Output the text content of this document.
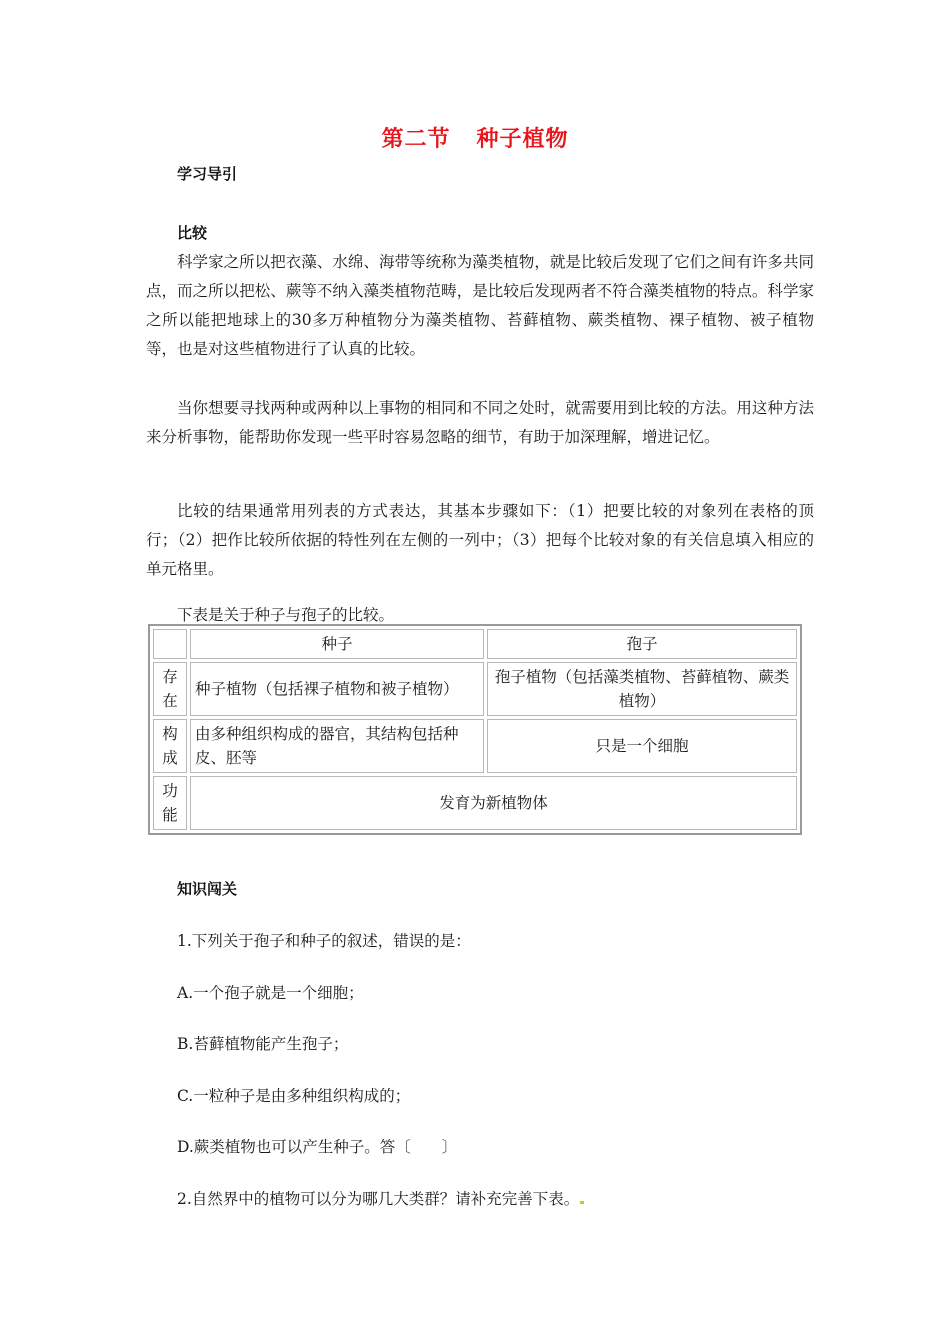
第二节 种子植物
学习导引
比较
科学家之所以把衣藻、水绵、海带等统称为藻类植物，就是比较后发现了它们之间有许多共同点，而之所以把松、蕨等不纳入藻类植物范畴，是比较后发现两者不符合藻类植物的特点。科学家之所以能把地球上的30多万种植物分为藻类植物、苔藓植物、蕨类植物、裸子植物、被子植物等，也是对这些植物进行了认真的比较。
当你想要寻找两种或两种以上事物的相同和不同之处时，就需要用到比较的方法。用这种方法来分析事物，能帮助你发现一些平时容易忽略的细节，有助于加深理解，增进记忆。
比较的结果通常用列表的方式表达，其基本步骤如下：（1）把要比较的对象列在表格的顶行；（2）把作比较所依据的特性列在左侧的一列中；（3）把每个比较对象的有关信息填入相应的单元格里。
下表是关于种子与孢子的比较。
	种子	孢子
存在	种子植物（包括裸子植物和被子植物）	孢子植物（包括藻类植物、苔藓植物、蕨类植物）
构成	由多种组织构成的器官，其结构包括种皮、胚等	只是一个细胞
功能	发育为新植物体	
知识闯关
1.下列关于孢子和种子的叙述，错误的是：
A.一个孢子就是一个细胞；
B.苔藓植物能产生孢子；
C.一粒种子是由多种组织构成的；
D.蕨类植物也可以产生种子。答〔　　〕
2.自然界中的植物可以分为哪几大类群？请补充完善下表。
